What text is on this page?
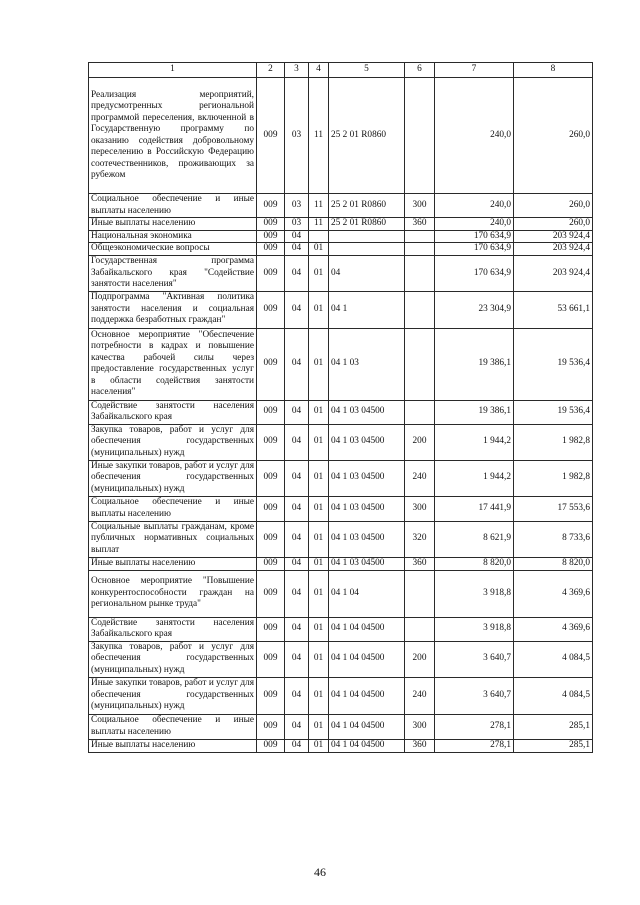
1	2	3	4	5	6	7	8
Реализация мероприятий, предусмотренных региональной программой переселения, включенной в Государственную программу по оказанию содействия добровольному переселению в Российскую Федерацию соотечественников, проживающих за рубежом	009	03	11	25 2 01 R0860		240,0	260,0
Социальное обеспечение и иные выплаты населению	009	03	11	25 2 01 R0860	300	240,0	260,0
Иные выплаты населению	009	03	11	25 2 01 R0860	360	240,0	260,0
Национальная экономика	009	04				170 634,9	203 924,4
Общеэкономические вопросы	009	04	01			170 634,9	203 924,4
Государственная программа Забайкальского края "Содействие занятости населения"	009	04	01	04		170 634,9	203 924,4
Подпрограмма "Активная политика занятости населения и социальная поддержка безработных граждан"	009	04	01	04 1		23 304,9	53 661,1
Основное мероприятие "Обеспечение потребности в кадрах и повышение качества рабочей силы через предоставление государственных услуг в области содействия занятости населения"	009	04	01	04 1 03		19 386,1	19 536,4
Содействие занятости населения Забайкальского края	009	04	01	04 1 03 04500		19 386,1	19 536,4
Закупка товаров, работ и услуг для обеспечения государственных (муниципальных) нужд	009	04	01	04 1 03 04500	200	1 944,2	1 982,8
Иные закупки товаров, работ и услуг для обеспечения государственных (муниципальных) нужд	009	04	01	04 1 03 04500	240	1 944,2	1 982,8
Социальное обеспечение и иные выплаты населению	009	04	01	04 1 03 04500	300	17 441,9	17 553,6
Социальные выплаты гражданам, кроме публичных нормативных социальных выплат	009	04	01	04 1 03 04500	320	8 621,9	8 733,6
Иные выплаты населению	009	04	01	04 1 03 04500	360	8 820,0	8 820,0
Основное мероприятие "Повышение конкурентоспособности граждан на региональном рынке труда"	009	04	01	04 1 04		3 918,8	4 369,6
Содействие занятости населения Забайкальского края	009	04	01	04 1 04 04500		3 918,8	4 369,6
Закупка товаров, работ и услуг для обеспечения государственных (муниципальных) нужд	009	04	01	04 1 04 04500	200	3 640,7	4 084,5
Иные закупки товаров, работ и услуг для обеспечения государственных (муниципальных) нужд	009	04	01	04 1 04 04500	240	3 640,7	4 084,5
Социальное обеспечение и иные выплаты населению	009	04	01	04 1 04 04500	300	278,1	285,1
Иные выплаты населению	009	04	01	04 1 04 04500	360	278,1	285,1
46
